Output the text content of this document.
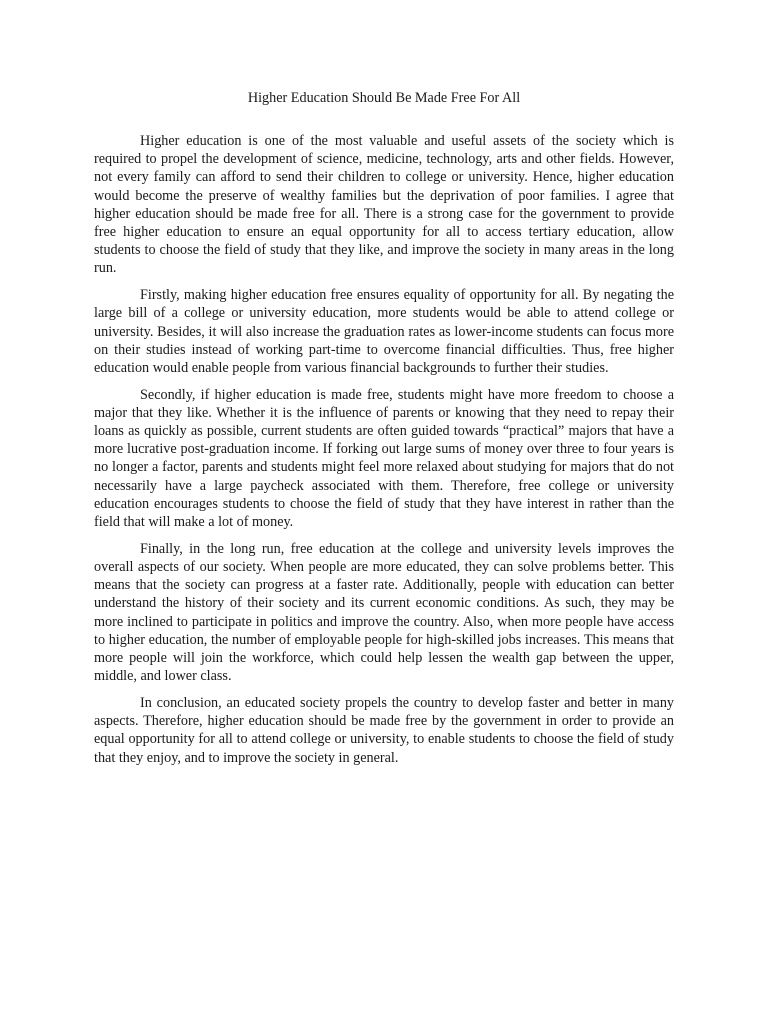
Higher Education Should Be Made Free For All

Higher education is one of the most valuable and useful assets of the society which is required to propel the development of science, medicine, technology, arts and other fields. However, not every family can afford to send their children to college or university. Hence, higher education would become the preserve of wealthy families but the deprivation of poor families. I agree that higher education should be made free for all. There is a strong case for the government to provide free higher education to ensure an equal opportunity for all to access tertiary education, allow students to choose the field of study that they like, and improve the society in many areas in the long run.

Firstly, making higher education free ensures equality of opportunity for all. By negating the large bill of a college or university education, more students would be able to attend college or university. Besides, it will also increase the graduation rates as lower-income students can focus more on their studies instead of working part-time to overcome financial difficulties. Thus, free higher education would enable people from various financial backgrounds to further their studies.

Secondly, if higher education is made free, students might have more freedom to choose a major that they like. Whether it is the influence of parents or knowing that they need to repay their loans as quickly as possible, current students are often guided towards “practical” majors that have a more lucrative post-graduation income. If forking out large sums of money over three to four years is no longer a factor, parents and students might feel more relaxed about studying for majors that do not necessarily have a large paycheck associated with them. Therefore, free college or university education encourages students to choose the field of study that they have interest in rather than the field that will make a lot of money.

Finally, in the long run, free education at the college and university levels improves the overall aspects of our society. When people are more educated, they can solve problems better. This means that the society can progress at a faster rate. Additionally, people with education can better understand the history of their society and its current economic conditions. As such, they may be more inclined to participate in politics and improve the country. Also, when more people have access to higher education, the number of employable people for high-skilled jobs increases. This means that more people will join the workforce, which could help lessen the wealth gap between the upper, middle, and lower class.

In conclusion, an educated society propels the country to develop faster and better in many aspects. Therefore, higher education should be made free by the government in order to provide an equal opportunity for all to attend college or university, to enable students to choose the field of study that they enjoy, and to improve the society in general.
